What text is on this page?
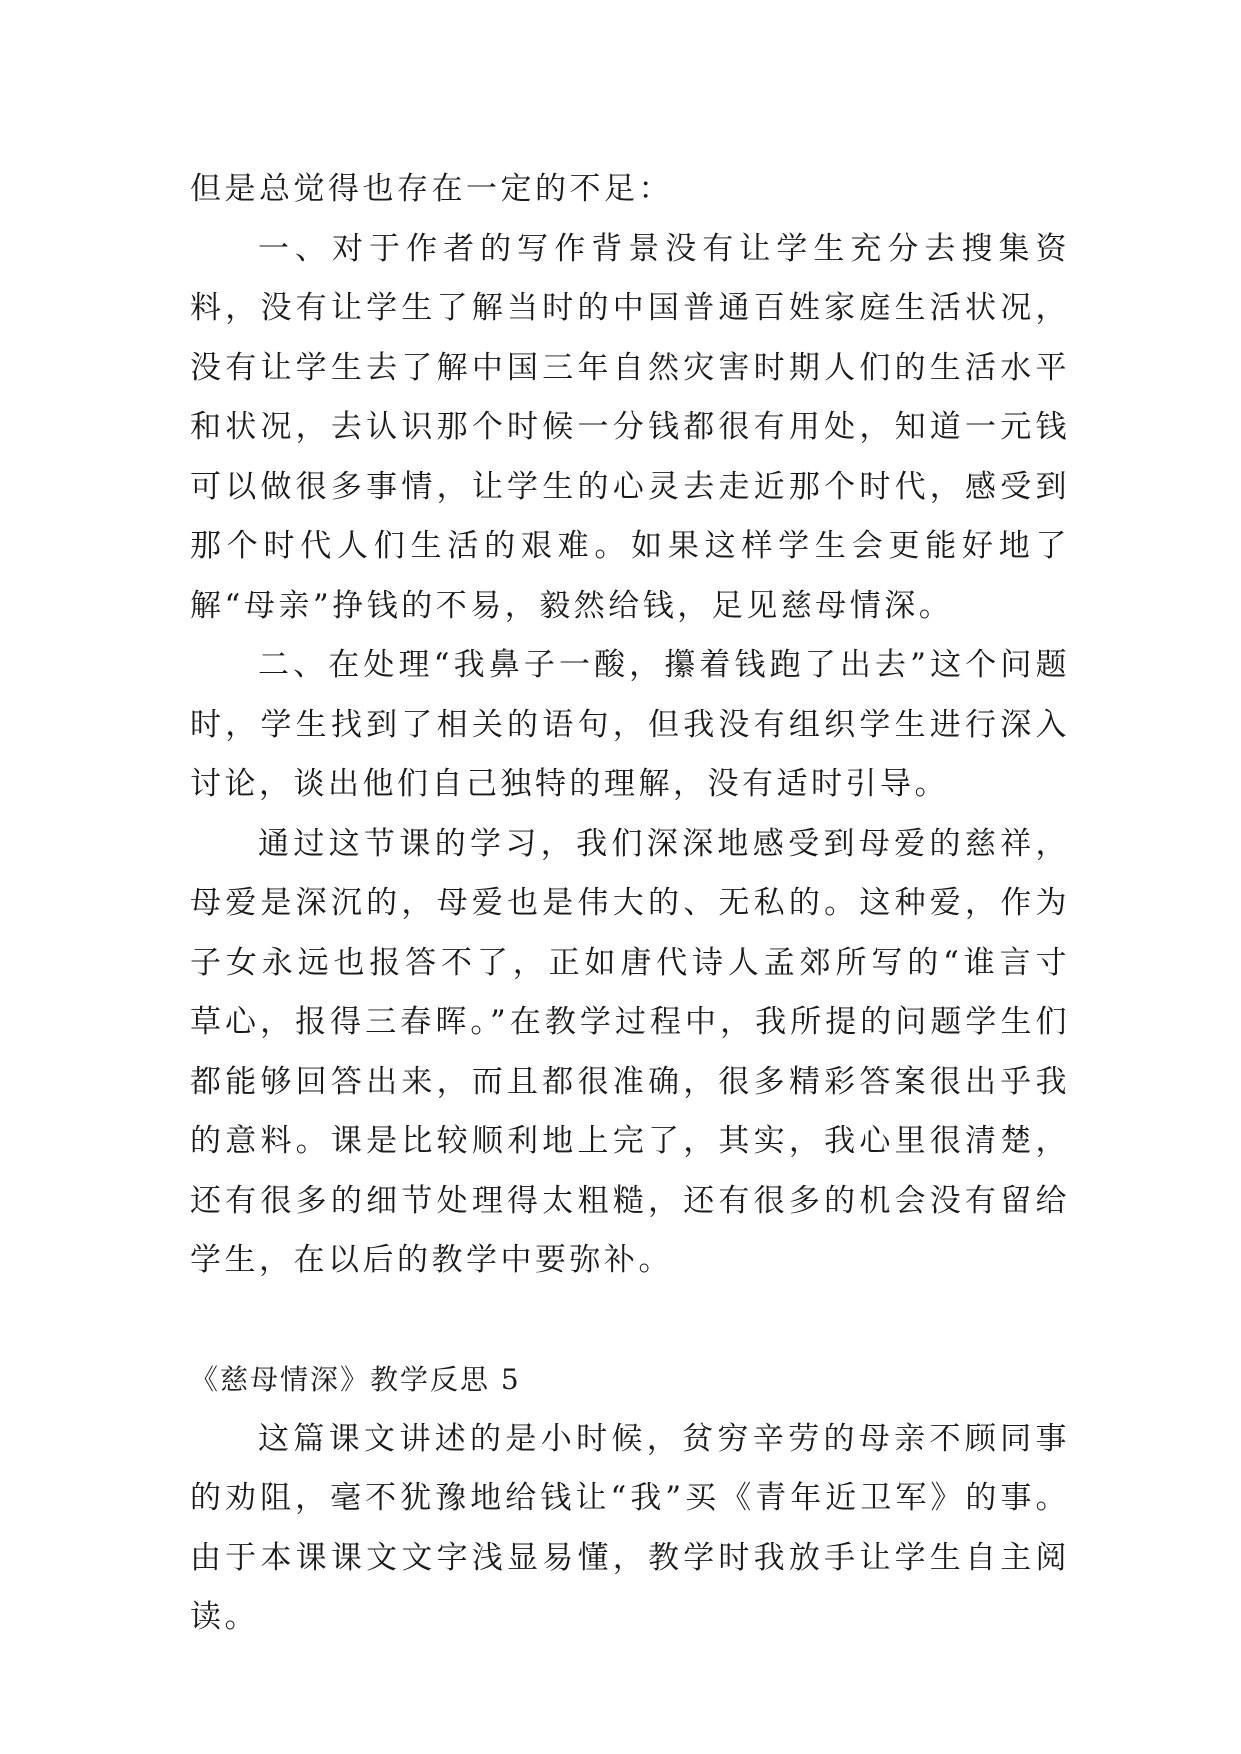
但是总觉得也存在一定的不足：

一、对于作者的写作背景没有让学生充分去搜集资料，没有让学生了解当时的中国普通百姓家庭生活状况，没有让学生去了解中国三年自然灾害时期人们的生活水平和状况，去认识那个时候一分钱都很有用处，知道一元钱可以做很多事情，让学生的心灵去走近那个时代，感受到那个时代人们生活的艰难。如果这样学生会更能好地了解“母亲”挣钱的不易，毅然给钱，足见慈母情深。

二、在处理“我鼻子一酸，攥着钱跑了出去”这个问题时，学生找到了相关的语句，但我没有组织学生进行深入讨论，谈出他们自己独特的理解，没有适时引导。

通过这节课的学习，我们深深地感受到母爱的慈祥，母爱是深沉的，母爱也是伟大的、无私的。这种爱，作为子女永远也报答不了，正如唐代诗人孟郊所写的“谁言寸草心，报得三春晖。”在教学过程中，我所提的问题学生们都能够回答出来，而且都很准确，很多精彩答案很出乎我的意料。课是比较顺利地上完了，其实，我心里很清楚，还有很多的细节处理得太粗糙，还有很多的机会没有留给学生，在以后的教学中要弥补。

《慈母情深》教学反思 5

这篇课文讲述的是小时候，贫穷辛劳的母亲不顾同事的劝阻，毫不犹豫地给钱让“我”买《青年近卫军》的事。由于本课课文文字浅显易懂，教学时我放手让学生自主阅读。
